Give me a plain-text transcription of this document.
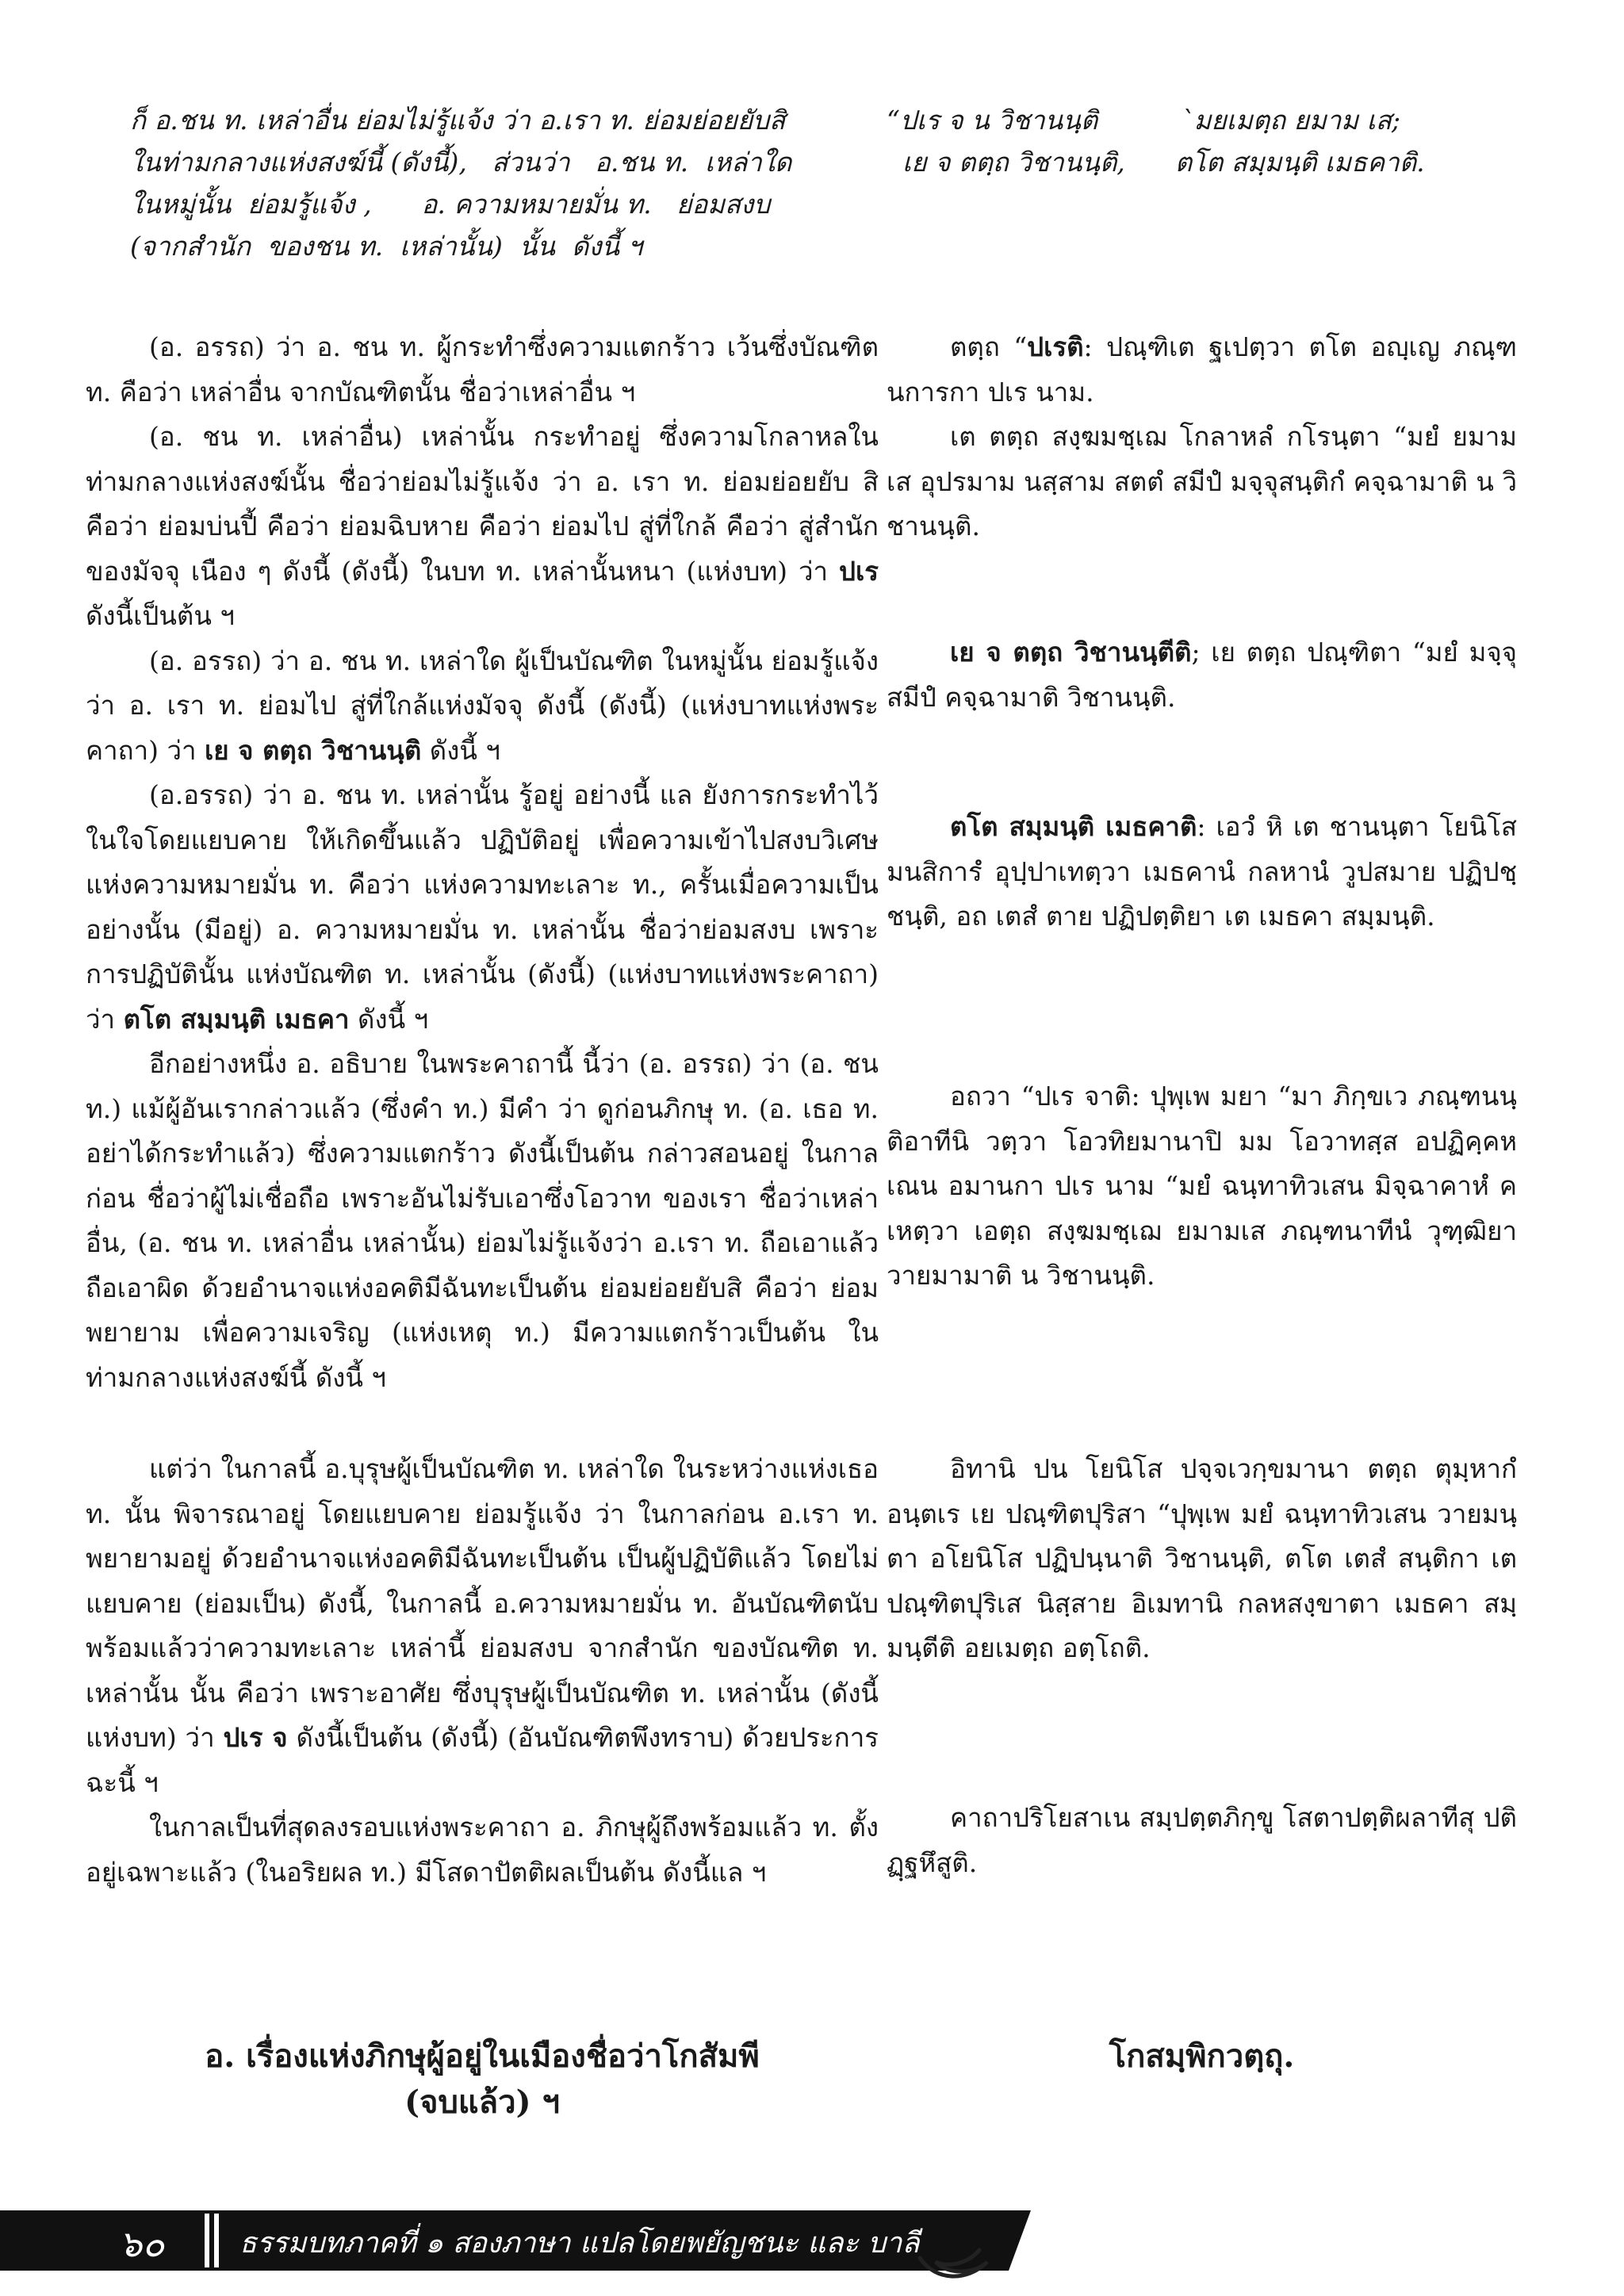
ก็ อ.ชน ท. เหล่าอื่น ย่อมไม่รู้แจ้ง ว่า อ.เรา ท. ย่อมย่อยยับสิ
ในท่ามกลางแห่งสงฆ์นี้ (ดังนี้),   ส่วนว่า   อ.ชน ท.  เหล่าใด
ในหมู่นั้น  ย่อมรู้แจ้ง ,      อ. ความหมายมั่น ท.   ย่อมสงบ
(จากสำนัก  ของชน ท.  เหล่านั้น)  นั้น  ดังนี้ ฯ

(อ. อรรถ) ว่า อ. ชน ท. ผู้กระทำซึ่งความแตกร้าว เว้นซึ่งบัณฑิต ท. คือว่า เหล่าอื่น จากบัณฑิตนั้น ชื่อว่าเหล่าอื่น ฯ

(อ. ชน ท. เหล่าอื่น) เหล่านั้น กระทำอยู่ ซึ่งความโกลาหลในท่ามกลางแห่งสงฆ์นั้น ชื่อว่าย่อมไม่รู้แจ้ง ว่า อ. เรา ท. ย่อมย่อยยับ สิ คือว่า ย่อมบ่นปี้ คือว่า ย่อมฉิบหาย คือว่า ย่อมไป สู่ที่ใกล้ คือว่า สู่สำนักของมัจจุ เนือง ๆ ดังนี้ (ดังนี้) ในบท ท. เหล่านั้นหนา (แห่งบท) ว่า ปเร ดังนี้เป็นต้น ฯ

(อ. อรรถ) ว่า อ. ชน ท. เหล่าใด ผู้เป็นบัณฑิต ในหมู่นั้น ย่อมรู้แจ้ง ว่า อ. เรา ท. ย่อมไป สู่ที่ใกล้แห่งมัจจุ ดังนี้ (ดังนี้) (แห่งบาทแห่งพระคาถา) ว่า เย จ ตตฺถ วิชานนฺติ ดังนี้ ฯ

(อ.อรรถ) ว่า อ. ชน ท. เหล่านั้น รู้อยู่ อย่างนี้ แล ยังการกระทำไว้ในใจโดยแยบคาย ให้เกิดขึ้นแล้ว ปฏิบัติอยู่ เพื่อความเข้าไปสงบวิเศษ แห่งความหมายมั่น ท. คือว่า แห่งความทะเลาะ ท., ครั้นเมื่อความเป็นอย่างนั้น (มีอยู่) อ. ความหมายมั่น ท. เหล่านั้น ชื่อว่าย่อมสงบ เพราะการปฏิบัตินั้น แห่งบัณฑิต ท. เหล่านั้น (ดังนี้) (แห่งบาทแห่งพระคาถา) ว่า ตโต สมฺมนฺติ เมธคา ดังนี้ ฯ

อีกอย่างหนึ่ง อ. อธิบาย ในพระคาถานี้ นี้ว่า (อ. อรรถ) ว่า (อ. ชน ท.) แม้ผู้อันเรากล่าวแล้ว (ซึ่งคำ ท.) มีคำ ว่า ดูก่อนภิกษุ ท. (อ. เธอ ท. อย่าได้กระทำแล้ว) ซึ่งความแตกร้าว ดังนี้เป็นต้น กล่าวสอนอยู่ ในกาลก่อน ชื่อว่าผู้ไม่เชื่อถือ เพราะอันไม่รับเอาซึ่งโอวาท ของเรา ชื่อว่าเหล่าอื่น, (อ. ชน ท. เหล่าอื่น เหล่านั้น) ย่อมไม่รู้แจ้งว่า อ.เรา ท. ถือเอาแล้ว ถือเอาผิด ด้วยอำนาจแห่งอคติมีฉันทะเป็นต้น ย่อมย่อยยับสิ คือว่า ย่อมพยายาม เพื่อความเจริญ (แห่งเหตุ ท.) มีความแตกร้าวเป็นต้น ในท่ามกลางแห่งสงฆ์นี้ ดังนี้ ฯ

แต่ว่า ในกาลนี้ อ.บุรุษผู้เป็นบัณฑิต ท. เหล่าใด ในระหว่างแห่งเธอ ท. นั้น พิจารณาอยู่ โดยแยบคาย ย่อมรู้แจ้ง ว่า ในกาลก่อน อ.เรา ท. พยายามอยู่ ด้วยอำนาจแห่งอคติมีฉันทะเป็นต้น เป็นผู้ปฏิบัติแล้ว โดยไม่แยบคาย (ย่อมเป็น) ดังนี้, ในกาลนี้ อ.ความหมายมั่น ท. อันบัณฑิตนับพร้อมแล้วว่าความทะเลาะ เหล่านี้ ย่อมสงบ จากสำนัก ของบัณฑิต ท. เหล่านั้น นั้น คือว่า เพราะอาศัย ซึ่งบุรุษผู้เป็นบัณฑิต ท. เหล่านั้น (ดังนี้ แห่งบท) ว่า ปเร จ ดังนี้เป็นต้น (ดังนี้) (อันบัณฑิตพึงทราบ) ด้วยประการฉะนี้ ฯ

ในกาลเป็นที่สุดลงรอบแห่งพระคาถา อ. ภิกษุผู้ถึงพร้อมแล้ว ท. ตั้งอยู่เฉพาะแล้ว (ในอริยผล ท.) มีโสดาปัตติผลเป็นต้น ดังนี้แล ฯ

อ. เรื่องแห่งภิกษุผู้อยู่ในเมืองชื่อว่าโกสัมพี
(จบแล้ว) ฯ
“ปเร จ น วิชานนฺติ          `มยเมตฺถ ยมาม เส;
เย จ ตตฺถ วิชานนฺติ,      ตโต สมฺมนฺติ เมธคาติ.

ตตฺถ “ปเรติ: ปณฺฑิเต ฐเปตฺวา ตโต อญฺเญ ภณฺฑนการกา ปเร นาม.

เต ตตฺถ สงฺฆมชฺเฌ โกลาหลํ กโรนฺตา “มยํ ยมาม เส อุปรมาม นสฺสาม สตตํ สมีปํ มจฺจุสนฺติกํ คจฺฉามาติ น วิชานนฺติ.

เย จ ตตฺถ วิชานนฺตีติ; เย ตตฺถ ปณฺฑิตา “มยํ มจฺจุสมีปํ คจฺฉามาติ วิชานนฺติ.

ตโต สมฺมนฺติ เมธคาติ: เอวํ หิ เต ชานนฺตา โยนิโสมนสิการํ อุปฺปาเทตฺวา เมธคานํ กลหานํ วูปสมาย ปฏิปชฺชนฺติ, อถ เตสํ ตาย ปฏิปตฺติยา เต เมธคา สมฺมนฺติ.

อถวา “ปเร จาติ: ปุพฺเพ มยา “มา ภิกฺขเว ภณฺฑนนฺติอาทีนิ วตฺวา โอวทิยมานาปิ มม โอวาทสฺส อปฏิคฺคหเณน อมานกา ปเร นาม “มยํ ฉนฺทาทิวเสน มิจฺฉาคาหํ คเหตฺวา เอตฺถ สงฺฆมชฺเฌ ยมามเส ภณฺฑนาทีนํ วุฑฺฒิยา วายมามาติ น วิชานนฺติ.

อิทานิ ปน โยนิโส ปจฺจเวกฺขมานา ตตฺถ ตุมฺหากํ อนฺตเร เย ปณฺฑิตปุริสา “ปุพฺเพ มยํ ฉนฺทาทิวเสน วายมนฺตา อโยนิโส ปฏิปนฺนาติ วิชานนฺติ, ตโต เตสํ สนฺติกา เต ปณฺฑิตปุริเส นิสฺสาย อิเมทานิ กลหสงฺขาตา เมธคา สมฺมนฺตีติ อยเมตฺถ อตฺโถติ.

คาถาปริโยสาเน สมฺปตฺตภิกฺขู โสตาปตฺติผลาทีสุ ปติฏฺฐหึสูติ.

โกสมฺพิกวตฺถุ.
๖๐	ธรรมบทภาคที่ ๑ สองภาษา แปลโดยพยัญชนะ และ บาลี
